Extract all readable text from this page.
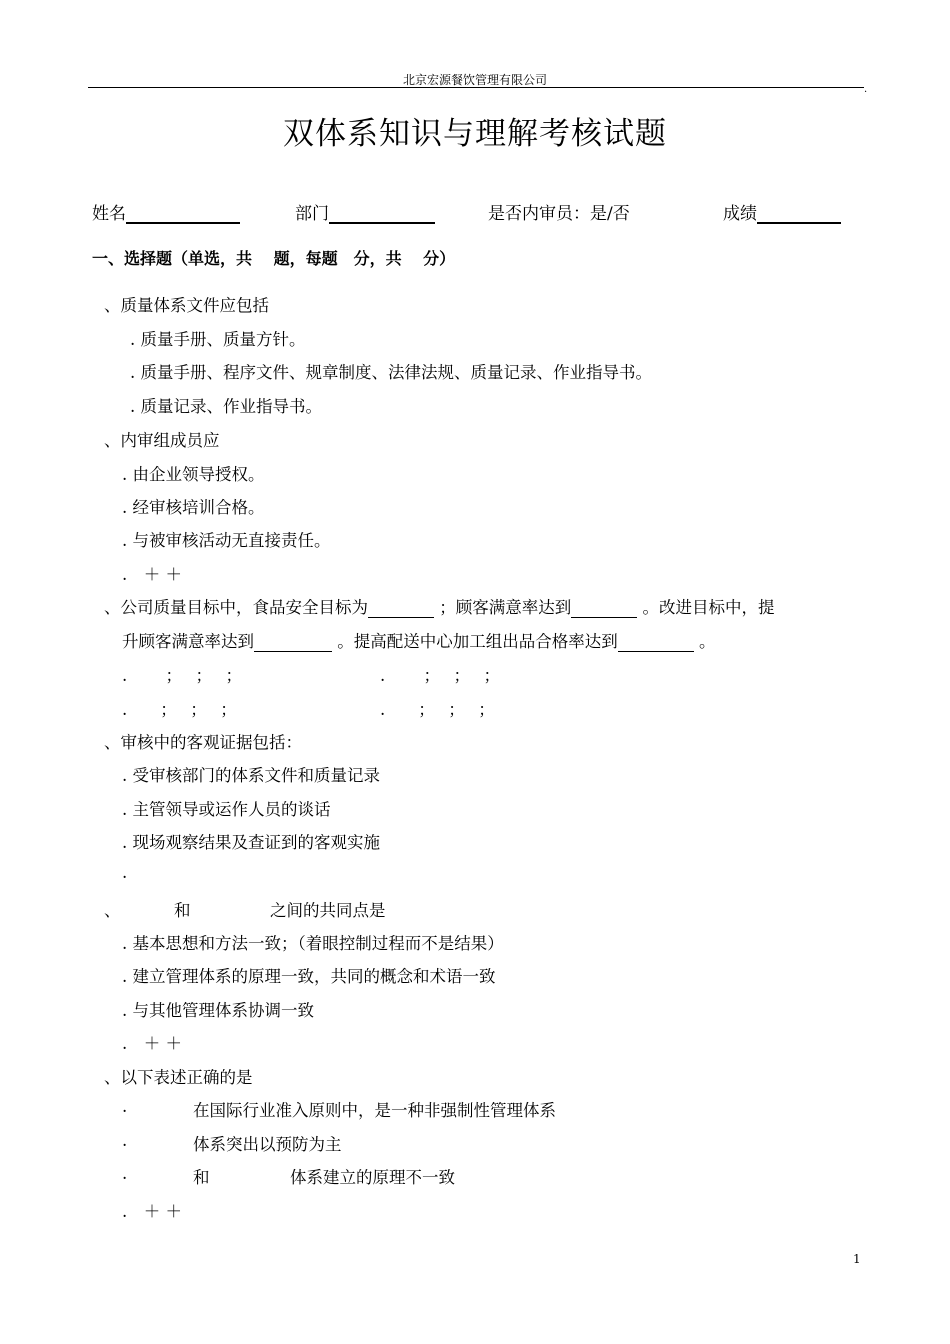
北京宏源餐饮管理有限公司
.
双体系知识与理解考核试题
姓名	部门	是否内审员：是/否	成绩
一、选择题（单选，共　 题，每题　分，共　 分）
、质量体系文件应包括
. 质量手册、质量方针。
. 质量手册、程序文件、规章制度、法律法规、质量记录、作业指导书。
. 质量记录、作业指导书。
、内审组成员应
. 由企业领导授权。
. 经审核培训合格。
. 与被审核活动无直接责任。
.　＋ ＋
、公司质量目标中，食品安全目标为	；顾客满意率达到	。改进目标中，提
升顾客满意率达到	。提高配送中心加工组出品合格率达到	。
.　　 ；　 ；　 ；	.　　 ；　 ；　 ；
.　　；　 ；　 ；	.　　；　 ；　 ；
、审核中的客观证据包括：
. 受审核部门的体系文件和质量记录
. 主管领导或运作人员的谈话
. 现场观察结果及查证到的客观实施
.
、	和	之间的共同点是
. 基本思想和方法一致；（着眼控制过程而不是结果）
. 建立管理体系的原理一致，共同的概念和术语一致
. 与其他管理体系协调一致
.　＋ ＋
、以下表述正确的是
.	在国际行业准入原则中，是一种非强制性管理体系
.	体系突出以预防为主
.	和	体系建立的原理不一致
.　＋ ＋
1
